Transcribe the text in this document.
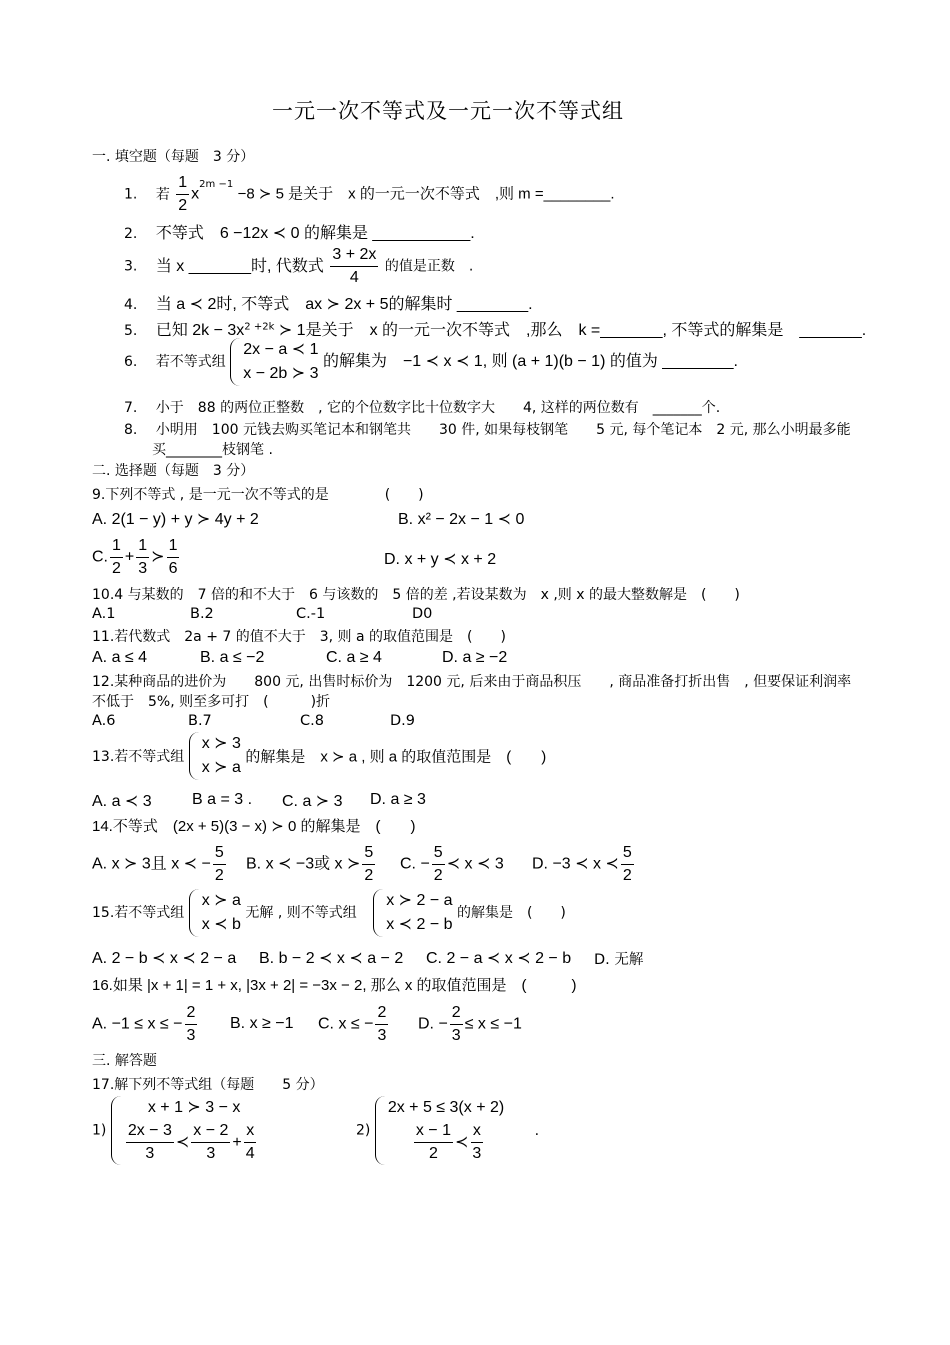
一元一次不等式及一元一次不等式组
一. 填空题（每题　3 分）
1. 若 $\frac{1}{2} x^{2m -1} -8$ ≻ 5 是关于　x 的一元一次不等式　,则 m =________.
2. 不等式　6 −12x ≺ 0 的解集是 ___________.
3. 当 x _______时, 代数式 $\frac{3 + 2x}{4}$ 的值是正数　.
4. 当 a ≺ 2时, 不等式　ax ≻ 2x + 5的解集时 ________.
5. 已知 $2k - 3x^{2 +2k}$ ≻ 1是关于　x 的一元一次不等式　,那么　k =_______, 不等式的解集是　_______.
6. 若不等式组
2x − a ≺ 1
x − 2b ≻ 3
的解集为　−1 ≺ x ≺ 1, 则 (a + 1)(b − 1) 的值为 ________.
7. 小于　88 的两位正整数　, 它的个位数字比十位数字大　　4, 这样的两位数有　_______个.
8. 小明用　100 元钱去购买笔记本和钢笔共　　30 件, 如果每枝钢笔　　5 元, 每个笔记本　2 元, 那么小明最多能
买________枝钢笔 .
二. 选择题（每题　3 分）
9.下列不等式 , 是一元一次不等式的是　　　　(　　)
A. 2(1 − y) + y ≻ 4y + 2	B. x² − 2x − 1 ≺ 0
C. $\frac{1}{2} + \frac{1}{3}$ ≻ $\frac{1}{6}$	D. x + y ≺ x + 2
10.4 与某数的　7 倍的和不大于　6 与该数的　5 倍的差 ,若设某数为　x ,则 x 的最大整数解是　(　　)
A.1	B.2	C.-1	D0
11.若代数式　2a + 7 的值不大于　3, 则 a 的取值范围是　(　　)
A. a ≤ 4	B. a ≤ −2	C. a ≥ 4	D. a ≥ −2
12.某种商品的进价为　　800 元, 出售时标价为　1200 元, 后来由于商品积压　　, 商品准备打折出售　, 但要保证利润率
不低于　5%, 则至多可打　(　　　)折
A.6	B.7	C.8	D.9
13.若不等式组
x ≻ 3
x ≻ a
的解集是　x ≻ a , 则 a 的取值范围是　(　　)
A. a ≺ 3	B a = 3 . C. a ≻ 3 D. a ≥ 3
14.不等式　(2x + 5)(3 − x) ≻ 0 的解集是　(　　)
A. x ≻ 3且 x ≺ − $\frac{5}{2} B$. x ≺ −3或 x ≻ $\frac{5}{2} C$. − $\frac{5}{2}$ ≺ x ≺ 3 D. −3 ≺ x ≺ $\frac{5}{2}$
15.若不等式组
x ≻ a
x ≺ b
无解 , 则不等式组
x ≻ 2 − a
x ≺ 2 − b
的解集是　(　　)
A. 2 − b ≺ x ≺ 2 − a B. b − 2 ≺ x ≺ a − 2 C. 2 − a ≺ x ≺ 2 − b D. 无解
16.如果 |x + 1| = 1 + x, |3x + 2| = −3x − 2, 那么 x 的取值范围是　(　　　)
A. −1 ≤ x ≤ − $\frac{2}{3} B$. x ≥ −1 C. x ≤ − $\frac{2}{3} D$. − $\frac{2}{3} \le x \le -1$
三. 解答题
17.解下列不等式组（每题　　5 分）
1)
x + 1 ≻ 3 − x
$\frac{2x - 3}{3}$ ≺ $\frac{x - 2}{3} + \frac{x}{4}$	2)
2x + 5 ≤ 3(x + 2)
$\frac{x - 1}{2}$ ≺ $\frac{x}{3}$	.
